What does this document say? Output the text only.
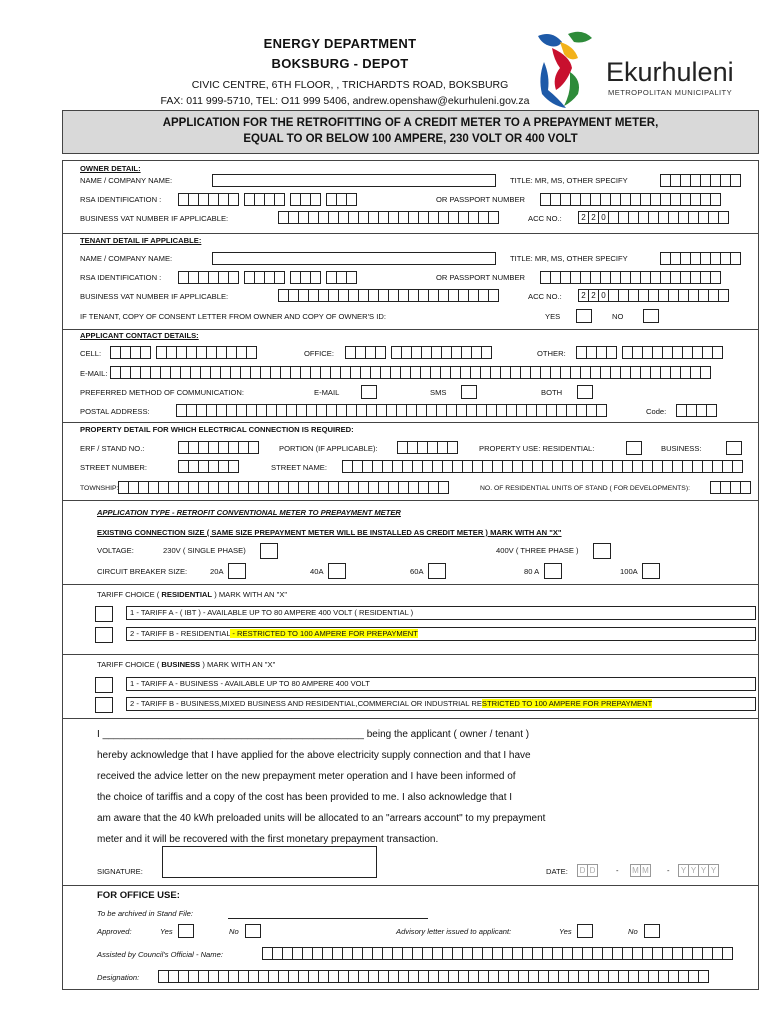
ENERGY DEPARTMENT
BOKSBURG - DEPOT
CIVIC CENTRE, 6TH FLOOR, , TRICHARDTS ROAD, BOKSBURG
FAX: 011 999-5710, TEL: O11 999 5406, andrew.openshaw@ekurhuleni.gov.za
Ekurhuleni
METROPOLITAN MUNICIPALITY
APPLICATION FOR THE RETROFITTING OF A CREDIT METER TO A PREPAYMENT METER,
EQUAL TO OR BELOW 100 AMPERE, 230 VOLT OR 400 VOLT
OWNER DETAIL:
NAME / COMPANY NAME:	TITLE: MR, MS, OTHER SPECIFY
RSA IDENTIFICATION :	OR PASSPORT NUMBER
BUSINESS VAT NUMBER IF APPLICABLE:	ACC NO.:	2 2 0
TENANT DETAIL IF APPLICABLE:
NAME / COMPANY NAME:	TITLE: MR, MS, OTHER SPECIFY
RSA IDENTIFICATION :	OR PASSPORT NUMBER
BUSINESS VAT NUMBER IF APPLICABLE:	ACC NO.:	2 2 0
IF TENANT, COPY OF CONSENT LETTER FROM OWNER AND COPY OF OWNER'S ID:	YES	NO
APPLICANT CONTACT DETAILS:
CELL:	OFFICE:	OTHER:
E-MAIL:
PREFERRED METHOD OF COMMUNICATION:	E-MAIL	SMS	BOTH
POSTAL ADDRESS:	Code:
PROPERTY DETAIL FOR WHICH ELECTRICAL CONNECTION IS REQUIRED:
ERF / STAND NO.:	PORTION (IF APPLICABLE):	PROPERTY USE: RESIDENTIAL:	BUSINESS:
STREET NUMBER:	STREET NAME:
TOWNSHIP:	NO. OF RESIDENTIAL UNITS OF STAND ( FOR DEVELOPMENTS):
APPLICATION TYPE - RETROFIT CONVENTIONAL METER TO PREPAYMENT METER
EXISTING CONNECTION SIZE ( SAME SIZE PREPAYMENT METER WILL BE INSTALLED AS CREDIT METER ) MARK WITH AN "X"
VOLTAGE:	230V ( SINGLE PHASE)	400V ( THREE PHASE )
CIRCUIT BREAKER SIZE:	20A	40A	60A	80 A	100A
TARIFF CHOICE ( RESIDENTIAL ) MARK WITH AN "X"
1 - TARIFF A - ( IBT ) - AVAILABLE UP TO 80 AMPERE 400 VOLT ( RESIDENTIAL )
2 - TARIFF B - RESIDENTIAL - RESTRICTED TO 100 AMPERE FOR PREPAYMENT
TARIFF CHOICE ( BUSINESS ) MARK WITH AN "X"
1 - TARIFF A - BUSINESS - AVAILABLE UP TO 80 AMPERE 400 VOLT
2 - TARIFF B - BUSINESS,MIXED BUSINESS AND RESIDENTIAL,COMMERCIAL OR INDUSTRIAL RESTRICTED TO 100 AMPERE FOR PREPAYMENT
I _______________________________________________ being the applicant ( owner / tenant )
hereby acknowledge that I have applied for the above electricity supply connection and that I have
received the advice letter on the new prepayment meter operation and I have been informed of
the choice of tariffis and a copy of the cost has been provided to me. I also acknowledge that I
am aware that the 40 kWh preloaded units will be allocated to an "arrears account" to my prepayment
meter and it will be recovered with the first monetary prepayment transaction.
SIGNATURE:	DATE:	D D	- M M -	Y Y Y Y
FOR OFFICE USE:
To be archived in Stand File:
Approved:	Yes	No	Advisory letter issued to applicant:	Yes	No
Assisted by Council's Official - Name:
Designation:
